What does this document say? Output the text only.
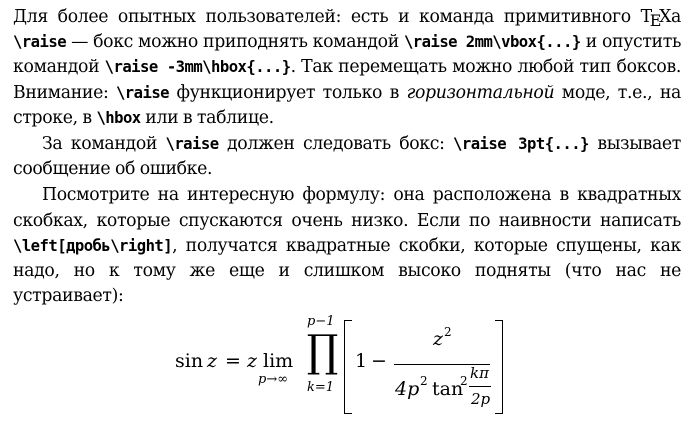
Для более опытных пользователей: есть и команда примитивного TEXа \raise — бокс можно приподнять командой \raise 2mm\vbox{...} и опустить командой \raise -3mm\hbox{...}. Так перемещать можно любой тип боксов. Внимание: \raise функционирует только в горизонтальной моде, т.е., на строке, в \hbox или в таблице.

За командой \raise должен следовать бокс: \raise 3pt{...} вызывает сообщение об ошибке.

Посмотрите на интересную формулу: она расположена в квадратных скобках, которые спускаются очень низко. Если по наивности написать \left[дробь\right], получатся квадратные скобки, которые спущены, как надо, но к тому же еще и слишком высоко подняты (что нас не устраивает):

sin z = z lim
p→∞
p−1
∏
k=1
1 −
z 2
4p 2 tan
2 kπ
2p
